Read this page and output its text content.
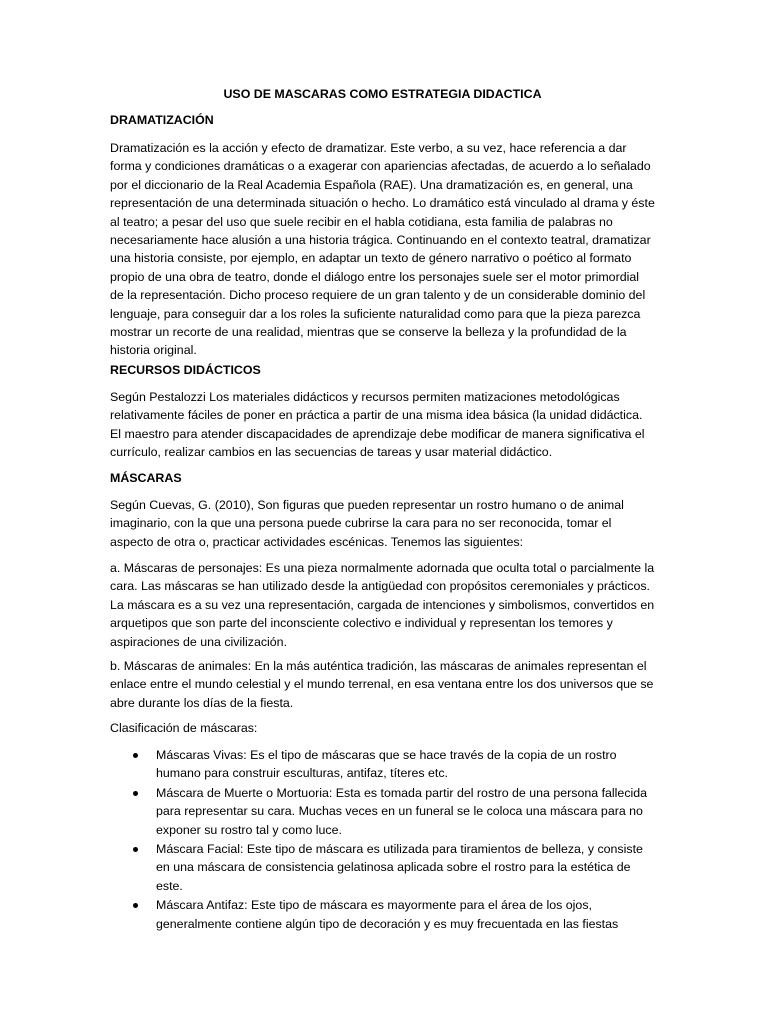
USO DE MASCARAS COMO ESTRATEGIA DIDACTICA
DRAMATIZACIÓN

Dramatización es la acción y efecto de dramatizar. Este verbo, a su vez, hace referencia a dar forma y condiciones dramáticas o a exagerar con apariencias afectadas, de acuerdo a lo señalado por el diccionario de la Real Academia Española (RAE). Una dramatización es, en general, una representación de una determinada situación o hecho. Lo dramático está vinculado al drama y éste al teatro; a pesar del uso que suele recibir en el habla cotidiana, esta familia de palabras no necesariamente hace alusión a una historia trágica. Continuando en el contexto teatral, dramatizar una historia consiste, por ejemplo, en adaptar un texto de género narrativo o poético al formato propio de una obra de teatro, donde el diálogo entre los personajes suele ser el motor primordial de la representación. Dicho proceso requiere de un gran talento y de un considerable dominio del lenguaje, para conseguir dar a los roles la suficiente naturalidad como para que la pieza parezca mostrar un recorte de una realidad, mientras que se conserve la belleza y la profundidad de la historia original.

RECURSOS DIDÁCTICOS

Según Pestalozzi Los materiales didácticos y recursos permiten matizaciones metodológicas relativamente fáciles de poner en práctica a partir de una misma idea básica (la unidad didáctica. El maestro para atender discapacidades de aprendizaje debe modificar de manera significativa el currículo, realizar cambios en las secuencias de tareas y usar material didáctico.

MÁSCARAS

Según Cuevas, G. (2010), Son figuras que pueden representar un rostro humano o de animal imaginario, con la que una persona puede cubrirse la cara para no ser reconocida, tomar el aspecto de otra o, practicar actividades escénicas. Tenemos las siguientes:

a. Máscaras de personajes: Es una pieza normalmente adornada que oculta total o parcialmente la cara. Las máscaras se han utilizado desde la antigüedad con propósitos ceremoniales y prácticos. La máscara es a su vez una representación, cargada de intenciones y simbolismos, convertidos en arquetipos que son parte del inconsciente colectivo e individual y representan los temores y aspiraciones de una civilización.

b. Máscaras de animales: En la más auténtica tradición, las máscaras de animales representan el enlace entre el mundo celestial y el mundo terrenal, en esa ventana entre los dos universos que se abre durante los días de la fiesta.

Clasificación de máscaras:
Máscaras Vivas: Es el tipo de máscaras que se hace través de la copia de un rostro humano para construir esculturas, antifaz, títeres etc.
Máscara de Muerte o Mortuoria: Esta es tomada partir del rostro de una persona fallecida para representar su cara. Muchas veces en un funeral se le coloca una máscara para no exponer su rostro tal y como luce.
Máscara Facial: Este tipo de máscara es utilizada para tiramientos de belleza, y consiste en una máscara de consistencia gelatinosa aplicada sobre el rostro para la estética de este.
Máscara Antifaz: Este tipo de máscara es mayormente para el área de los ojos, generalmente contiene algún tipo de decoración y es muy frecuentada en las fiestas
